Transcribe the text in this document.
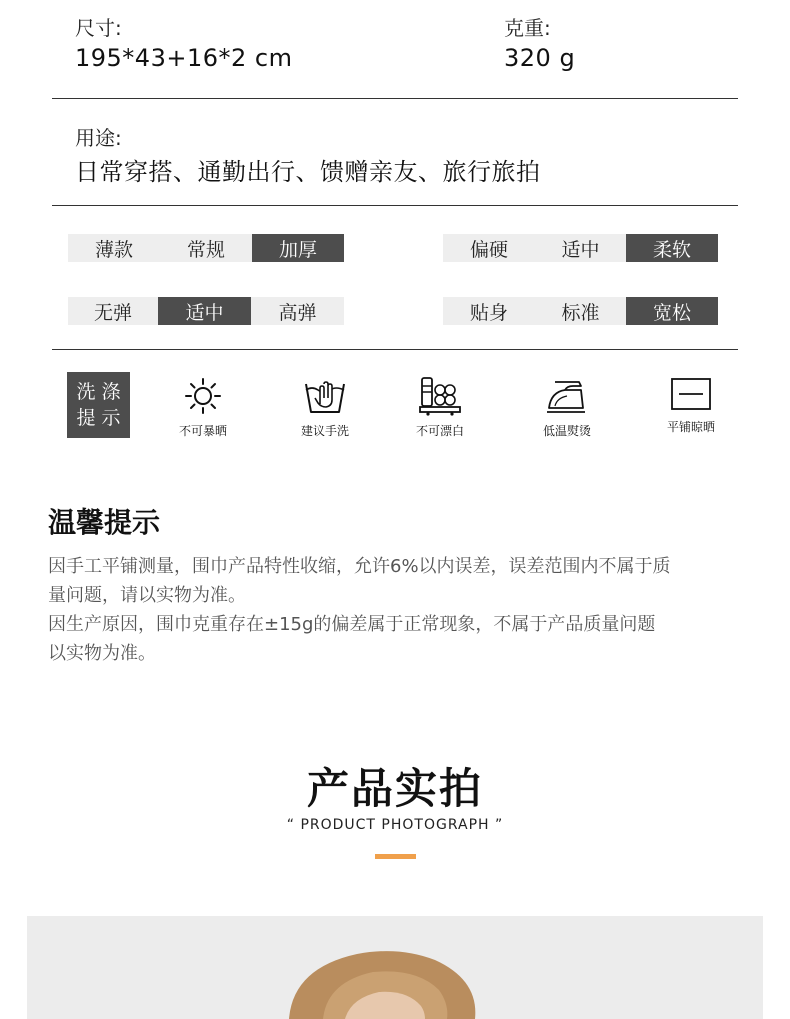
尺寸:
195*43+16*2 cm
克重:
320 g
用途:
日常穿搭、通勤出行、馈赠亲友、旅行旅拍
薄款	常规	加厚	偏硬	适中	柔软
无弹	适中	高弹	贴身	标准	宽松
洗 涤
提 示
不可暴晒	建议手洗	不可漂白	低温熨烫	平铺晾晒
温馨提示
因手工平铺测量，围巾产品特性收缩，允许6%以内误差，误差范围内不属于质
量问题，请以实物为准。
因生产原因，围巾克重存在±15g的偏差属于正常现象，不属于产品质量问题
以实物为准。
产品实拍
“ PRODUCT PHOTOGRAPH ”
